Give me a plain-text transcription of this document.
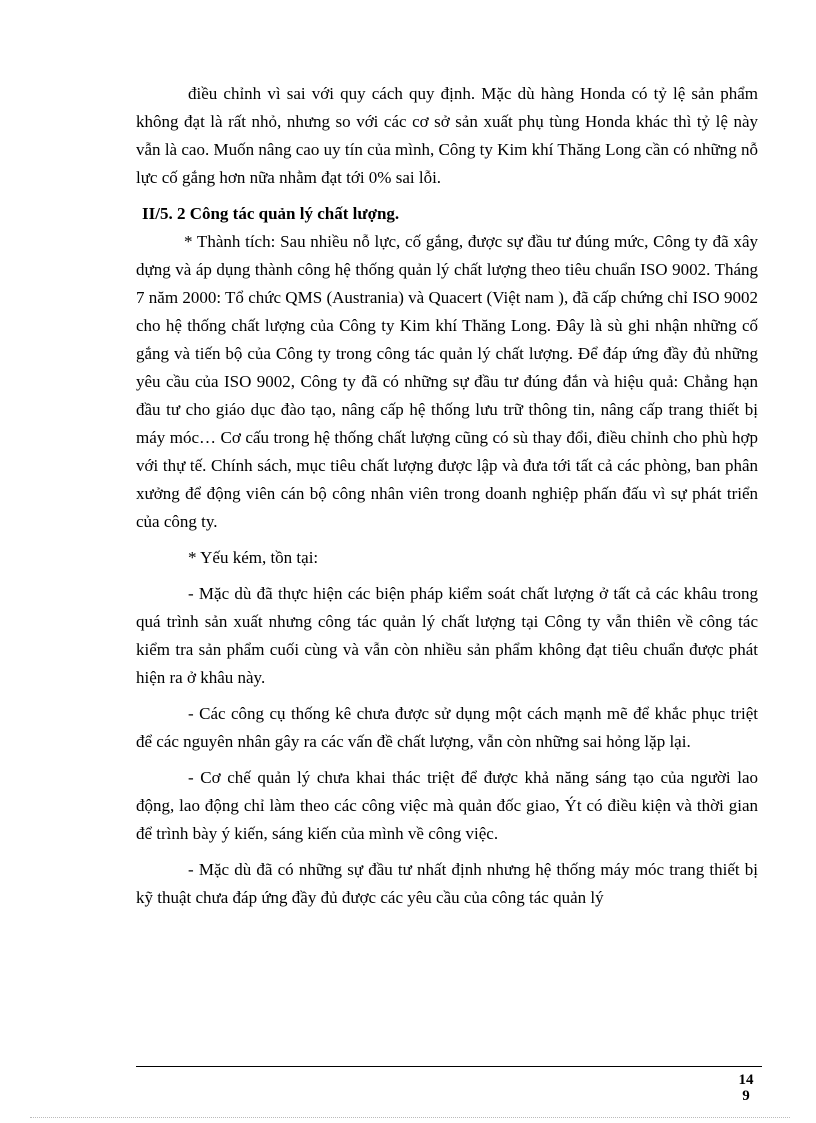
điều chỉnh vì sai với quy cách quy định. Mặc dù hàng Honda có tỷ lệ sản phẩm không đạt là rất nhỏ, nhưng so với các cơ sở sản xuất phụ tùng Honda khác thì tỷ lệ này vẫn là cao. Muốn nâng cao uy tín của mình, Công ty Kim khí Thăng Long cần có những nỗ lực cố gắng hơn nữa nhằm đạt tới 0% sai lỗi.

II/5. 2 Công tác quản lý chất lượng.

* Thành tích: Sau nhiều nỗ lực, cố gắng, được sự đầu tư đúng mức, Công ty đã xây dựng và áp dụng thành công hệ thống quản lý chất lượng theo tiêu chuẩn ISO 9002. Tháng 7 năm 2000: Tổ chức QMS (Austrania) và Quacert (Việt nam ), đã cấp chứng chỉ ISO 9002 cho hệ thống chất lượng của Công ty Kim khí Thăng Long. Đây là sù ghi nhận những cố gắng và tiến bộ của Công ty trong công tác quản lý chất lượng. Để đáp ứng đầy đủ những yêu cầu của ISO 9002, Công ty đã có những sự đầu tư đúng đắn và hiệu quả: Chẳng hạn đầu tư cho giáo dục đào tạo, nâng cấp hệ thống lưu trữ thông tin, nâng cấp trang thiết bị máy móc… Cơ cấu trong hệ thống chất lượng cũng có sù thay đổi, điều chỉnh cho phù hợp với thự tế. Chính sách, mục tiêu chất lượng được lập và đưa tới tất cả các phòng, ban phân xưởng để động viên cán bộ công nhân viên trong doanh nghiệp phấn đấu vì sự phát triển của công ty.

* Yếu kém, tồn tại:

- Mặc dù đã thực hiện các biện pháp kiểm soát chất lượng ở tất cả các khâu trong quá trình sản xuất nhưng công tác quản lý chất lượng tại Công ty vẫn thiên về công tác kiểm tra sản phẩm cuối cùng và vẫn còn nhiều sản phẩm không đạt tiêu chuẩn được phát hiện ra ở khâu này.

- Các công cụ thống kê chưa được sử dụng một cách mạnh mẽ để khắc phục triệt để các nguyên nhân gây ra các vấn đề chất lượng, vẫn còn những sai hỏng lặp lại.

- Cơ chế quản lý chưa khai thác triệt để được khả năng sáng tạo của người lao động, lao động chỉ làm theo các công việc mà quản đốc giao, Ýt có điều kiện và thời gian để trình bày ý kiến, sáng kiến của mình về công việc.

- Mặc dù đã có những sự đầu tư nhất định nhưng hệ thống máy móc trang thiết bị kỹ thuật chưa đáp ứng đầy đủ được các yêu cầu của công tác quản lý

149
